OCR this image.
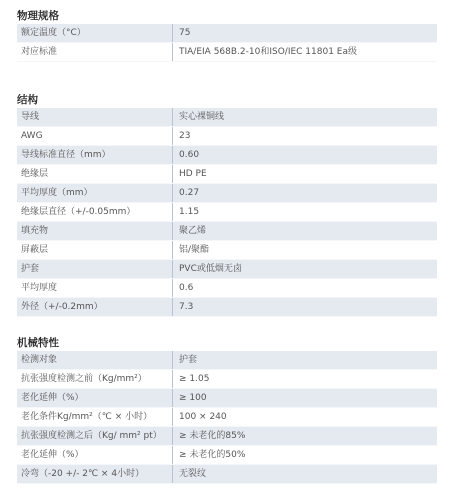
物理规格
额定温度（°C）	75
对应标准	TIA/EIA 568B.2-10和ISO/IEC 11801 Ea级
结构
导线	实心裸铜线
AWG	23
导线标准直径（mm）	0.60
绝缘层	HD PE
平均厚度（mm）	0.27
绝缘层直径（+/-0.05mm）	1.15
填充物	聚乙烯
屏蔽层	铝/聚酯
护套	PVC或低烟无卤
平均厚度	0.6
外径（+/-0.2mm）	7.3
机械特性
检测对象	护套
抗张强度检测之前（Kg/mm²）	≥ 1.05
老化延伸（%）	≥ 100
老化条件Kg/mm²（℃ × 小时）	100 × 240
抗张强度检测之后（Kg/ mm² pt）	≥ 未老化的85%
老化延伸（%）	≥ 未老化的50%
冷弯（-20 +/- 2℃ × 4小时）	无裂纹
